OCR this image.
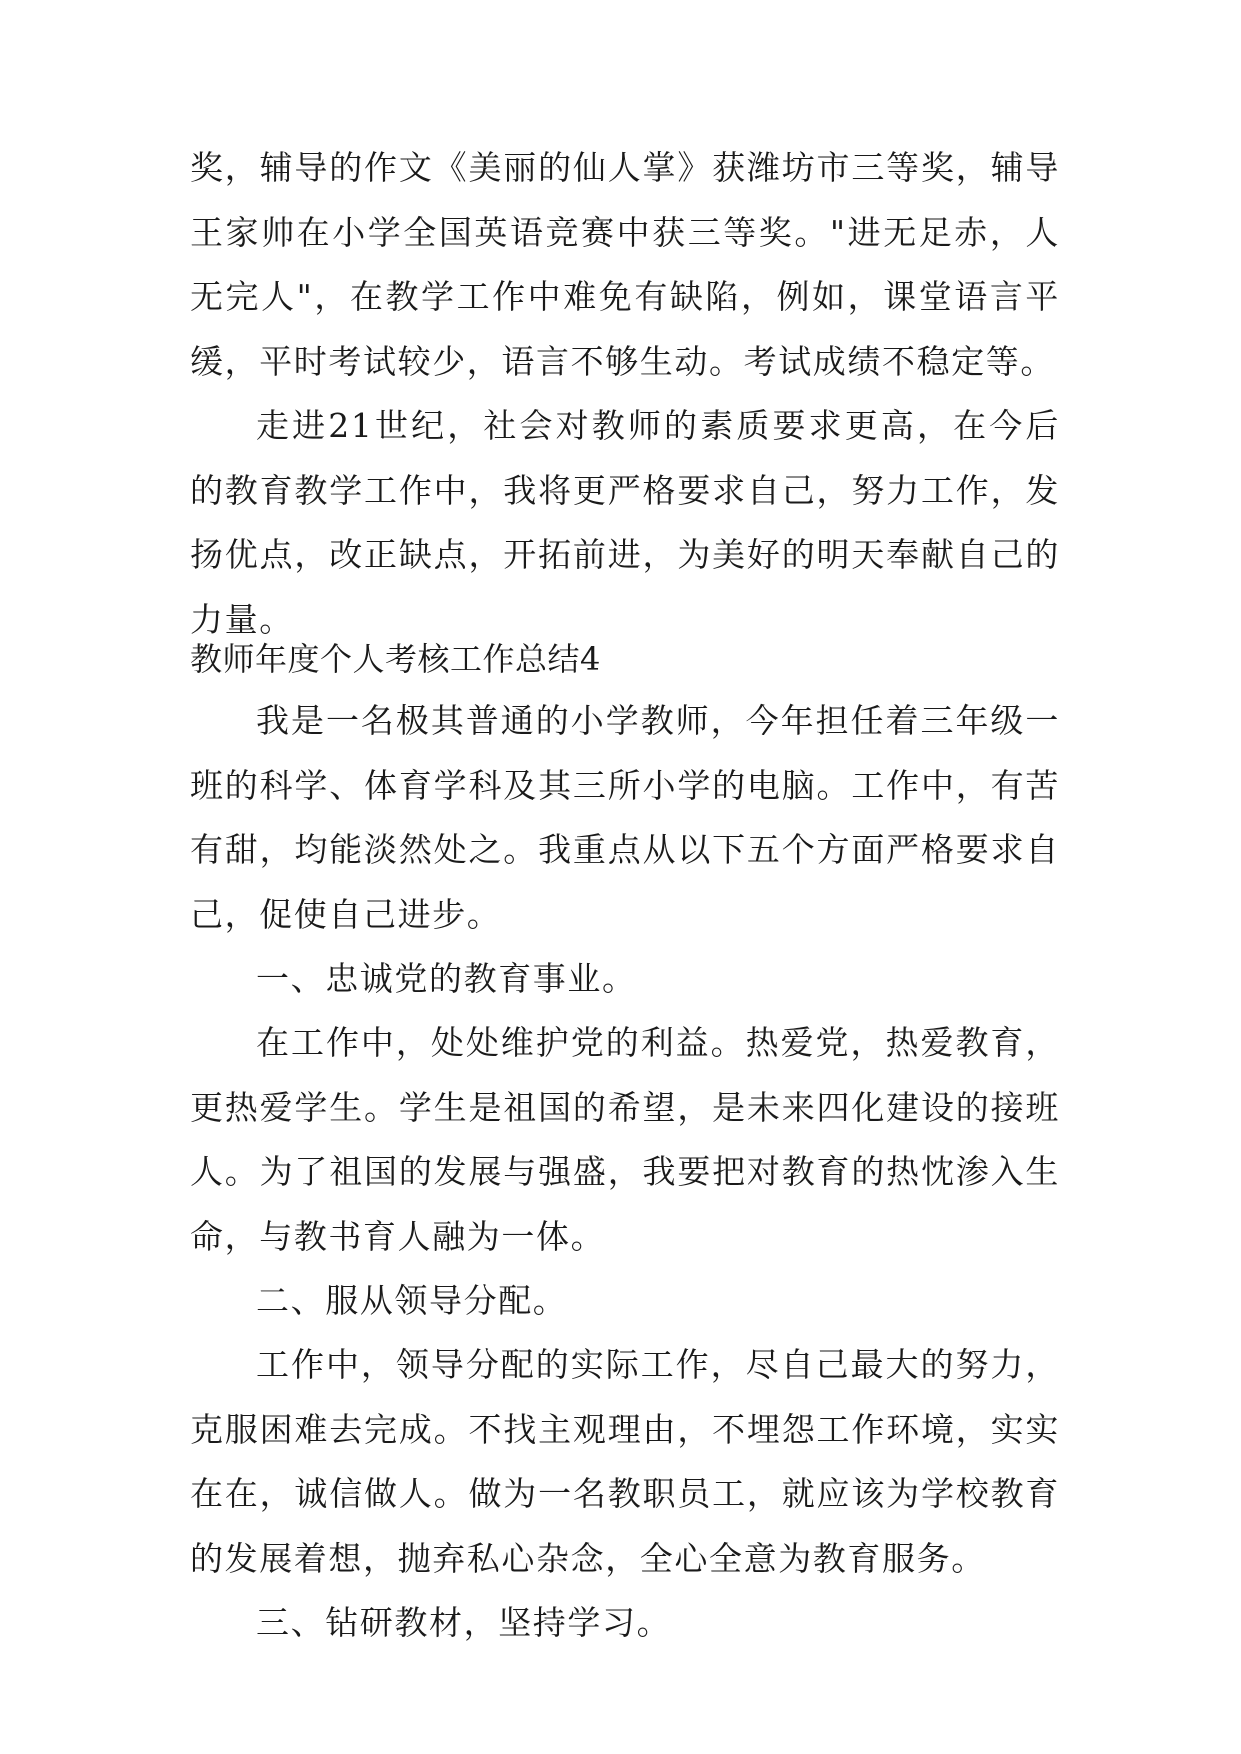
奖，辅导的作文《美丽的仙人掌》获潍坊市三等奖，辅导王家帅在小学全国英语竞赛中获三等奖。"进无足赤，人无完人"，在教学工作中难免有缺陷，例如，课堂语言平缓，平时考试较少，语言不够生动。考试成绩不稳定等。

走进21世纪，社会对教师的素质要求更高，在今后的教育教学工作中，我将更严格要求自己，努力工作，发扬优点，改正缺点，开拓前进，为美好的明天奉献自己的力量。

教师年度个人考核工作总结4

我是一名极其普通的小学教师，今年担任着三年级一班的科学、体育学科及其三所小学的电脑。工作中，有苦有甜，均能淡然处之。我重点从以下五个方面严格要求自己，促使自己进步。

一、忠诚党的教育事业。

在工作中，处处维护党的利益。热爱党，热爱教育，更热爱学生。学生是祖国的希望，是未来四化建设的接班人。为了祖国的发展与强盛，我要把对教育的热忱渗入生命，与教书育人融为一体。

二、服从领导分配。

工作中，领导分配的实际工作，尽自己最大的努力，克服困难去完成。不找主观理由，不埋怨工作环境，实实在在，诚信做人。做为一名教职员工，就应该为学校教育的发展着想，抛弃私心杂念，全心全意为教育服务。

三、钻研教材，坚持学习。
